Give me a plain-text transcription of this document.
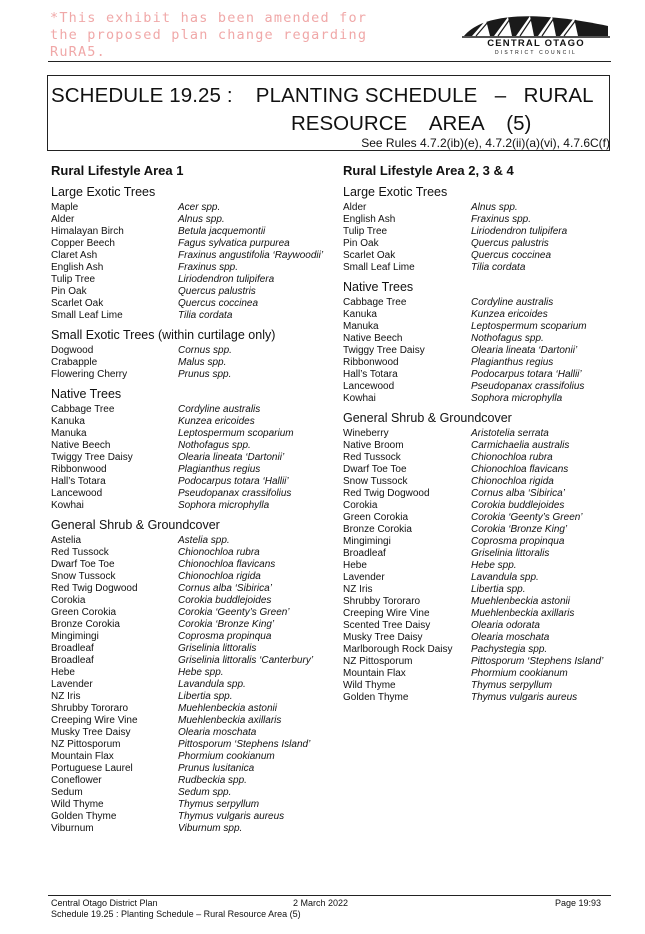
*This exhibit has been amended for the proposed plan change regarding RuRA5.
CENTRAL OTAGO
DISTRICT COUNCIL
SCHEDULE 19.25 :    PLANTING SCHEDULE   –   RURAL
RESOURCE    AREA    (5)
See Rules 4.7.2(ib)(e), 4.7.2(ii)(a)(vi), 4.7.6C(f)
Rural Lifestyle Area 1
Large Exotic Trees
Maple	Acer spp.
Alder	Alnus spp.
Himalayan Birch	Betula jacquemontii
Copper Beech	Fagus sylvatica purpurea
Claret Ash	Fraxinus angustifolia ‘Raywoodii’
English Ash	Fraxinus spp.
Tulip Tree	Liriodendron tulipifera
Pin Oak	Quercus palustris
Scarlet Oak	Quercus coccinea
Small Leaf Lime	Tilia cordata
Small Exotic Trees (within curtilage only)
Dogwood	Cornus spp.
Crabapple	Malus spp.
Flowering Cherry	Prunus spp.
Native Trees
Cabbage Tree	Cordyline australis
Kanuka	Kunzea ericoides
Manuka	Leptospermum scoparium
Native Beech	Nothofagus spp.
Twiggy Tree Daisy	Olearia lineata ‘Dartonii’
Ribbonwood	Plagianthus regius
Hall’s Totara	Podocarpus totara ‘Hallii’
Lancewood	Pseudopanax crassifolius
Kowhai	Sophora microphylla
General Shrub & Groundcover
Astelia	Astelia spp.
Red Tussock	Chionochloa rubra
Dwarf Toe Toe	Chionochloa flavicans
Snow Tussock	Chionochloa rigida
Red Twig Dogwood	Cornus alba ‘Sibirica’
Corokia	Corokia buddlejoides
Green Corokia	Corokia ‘Geenty’s Green’
Bronze Corokia	Corokia ‘Bronze King’
Mingimingi	Coprosma propinqua
Broadleaf	Griselinia littoralis
Broadleaf	Griselinia littoralis ‘Canterbury’
Hebe	Hebe spp.
Lavender	Lavandula spp.
NZ Iris	Libertia spp.
Shrubby Tororaro	Muehlenbeckia astonii
Creeping Wire Vine	Muehlenbeckia axillaris
Musky Tree Daisy	Olearia moschata
NZ Pittosporum	Pittosporum ‘Stephens Island’
Mountain Flax	Phormium cookianum
Portuguese Laurel	Prunus lusitanica
Coneflower	Rudbeckia spp.
Sedum	Sedum spp.
Wild Thyme	Thymus serpyllum
Golden Thyme	Thymus vulgaris aureus
Viburnum	Viburnum spp.
Rural Lifestyle Area 2, 3 & 4
Large Exotic Trees
Alder	Alnus spp.
English Ash	Fraxinus spp.
Tulip Tree	Liriodendron tulipifera
Pin Oak	Quercus palustris
Scarlet Oak	Quercus coccinea
Small Leaf Lime	Tilia cordata
Native Trees
Cabbage Tree	Cordyline australis
Kanuka	Kunzea ericoides
Manuka	Leptospermum scoparium
Native Beech	Nothofagus spp.
Twiggy Tree Daisy	Olearia lineata ‘Dartonii’
Ribbonwood	Plagianthus regius
Hall’s Totara	Podocarpus totara ‘Hallii’
Lancewood	Pseudopanax crassifolius
Kowhai	Sophora microphylla
General Shrub & Groundcover
Wineberry	Aristotelia serrata
Native Broom	Carmichaelia australis
Red Tussock	Chionochloa rubra
Dwarf Toe Toe	Chionochloa flavicans
Snow Tussock	Chionochloa rigida
Red Twig Dogwood	Cornus alba ‘Sibirica’
Corokia	Corokia buddlejoides
Green Corokia	Corokia ‘Geenty’s Green’
Bronze Corokia	Corokia ‘Bronze King’
Mingimingi	Coprosma propinqua
Broadleaf	Griselinia littoralis
Hebe	Hebe spp.
Lavender	Lavandula spp.
NZ Iris	Libertia spp.
Shrubby Tororaro	Muehlenbeckia astonii
Creeping Wire Vine	Muehlenbeckia axillaris
Scented Tree Daisy	Olearia odorata
Musky Tree Daisy	Olearia moschata
Marlborough Rock Daisy	Pachystegia spp.
NZ Pittosporum	Pittosporum ‘Stephens Island’
Mountain Flax	Phormium cookianum
Wild Thyme	Thymus serpyllum
Golden Thyme	Thymus vulgaris aureus
Central Otago District Plan	2 March 2022	Page 19:93
Schedule 19.25 : Planting Schedule – Rural Resource Area (5)
